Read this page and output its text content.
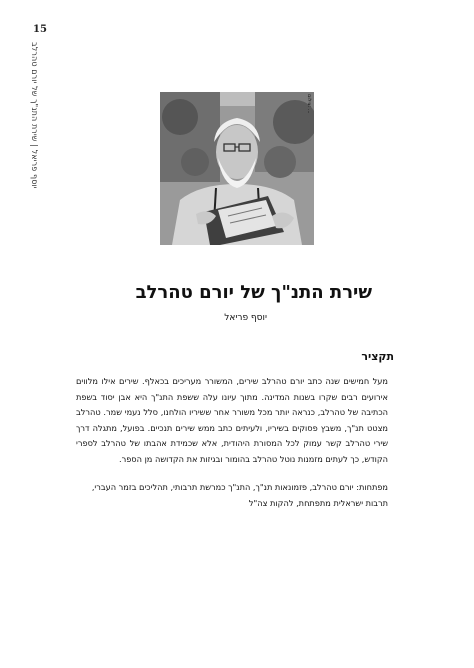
15
יוסף פריאל | שירת התנ"ך של יורם טהרלב	צילום: ...
שירת התנ"ך של יורם טהרלב
יוסף פריאל
תקציר

מעל חמישים שנה כתב יורם טהרלב שירים, המשורר מעריכים בכאלף. שירים אילו מלווים אירועים רבים שקרו בשנות המדינה. מתוך עיונו עלה ששפת התנ"ך היא אבן יסוד בשפת הכתיבה של טהרלב, כנראה יותר מכל משורר אחר ששיריו הולחנו, סלל נעמי שמר. טהרלב מצטט תנ"ך, משבץ פסוקים בשיריו, ולעיתים כתב ממש שירים תנכיים. בפועל, מתגלה דרך שירי טהרלב קשר עמוק לכל המסורת היהודית, אלא שכמידת אהבתו של טהרלב לספרי הקודש, כך לעתים מזמנות נוטל טהרלב בהומור ובגיזות את הקדושה מן הספר.

מפתחות: יורם טהרלב, פזמונאות תנ"ך, התנ"ך כמרשת תרבותי, תהליכים בזמר העברי, תרבות ישראלית מתפתחת, להקות צה"ל
